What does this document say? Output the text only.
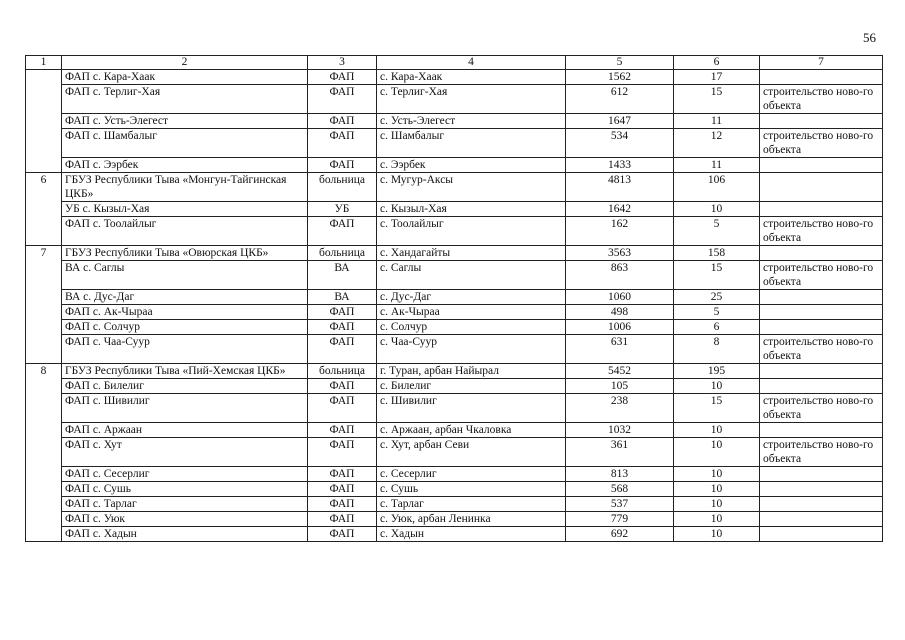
56
1	2	3	4	5	6	7
	ФАП с. Кара-Хаак	ФАП	с. Кара-Хаак	1562	17	
	ФАП с. Терлиг-Хая	ФАП	с. Терлиг-Хая	612	15	строительство ново-го объекта
	ФАП с. Усть-Элегест	ФАП	с. Усть-Элегест	1647	11	
	ФАП с. Шамбалыг	ФАП	с. Шамбалыг	534	12	строительство ново-го объекта
	ФАП с. Ээрбек	ФАП	с. Ээрбек	1433	11	
6	ГБУЗ Республики Тыва «Монгун-Тайгинская ЦКБ»	больница	с. Мугур-Аксы	4813	106	
	УБ с. Кызыл-Хая	УБ	с. Кызыл-Хая	1642	10	
	ФАП с. Тоолайлыг	ФАП	с. Тоолайлыг	162	5	строительство ново-го объекта
7	ГБУЗ Республики Тыва «Овюрская ЦКБ»	больница	с. Хандагайты	3563	158	
	ВА с. Саглы	ВА	с. Саглы	863	15	строительство ново-го объекта
	ВА с. Дус-Даг	ВА	с. Дус-Даг	1060	25	
	ФАП с. Ак-Чыраа	ФАП	с. Ак-Чыраа	498	5	
	ФАП с. Солчур	ФАП	с. Солчур	1006	6	
	ФАП с. Чаа-Суур	ФАП	с. Чаа-Суур	631	8	строительство ново-го объекта
8	ГБУЗ Республики Тыва «Пий-Хемская ЦКБ»	больница	г. Туран, арбан Найырал	5452	195	
	ФАП с. Билелиг	ФАП	с. Билелиг	105	10	
	ФАП с. Шивилиг	ФАП	с. Шивилиг	238	15	строительство ново-го объекта
	ФАП с. Аржаан	ФАП	с. Аржаан, арбан Чкаловка	1032	10	
	ФАП с. Хут	ФАП	с. Хут, арбан Севи	361	10	строительство ново-го объекта
	ФАП с. Сесерлиг	ФАП	с. Сесерлиг	813	10	
	ФАП с. Сушь	ФАП	с. Сушь	568	10	
	ФАП с. Тарлаг	ФАП	с. Тарлаг	537	10	
	ФАП с. Уюк	ФАП	с. Уюк, арбан Ленинка	779	10	
	ФАП с. Хадын	ФАП	с. Хадын	692	10	
